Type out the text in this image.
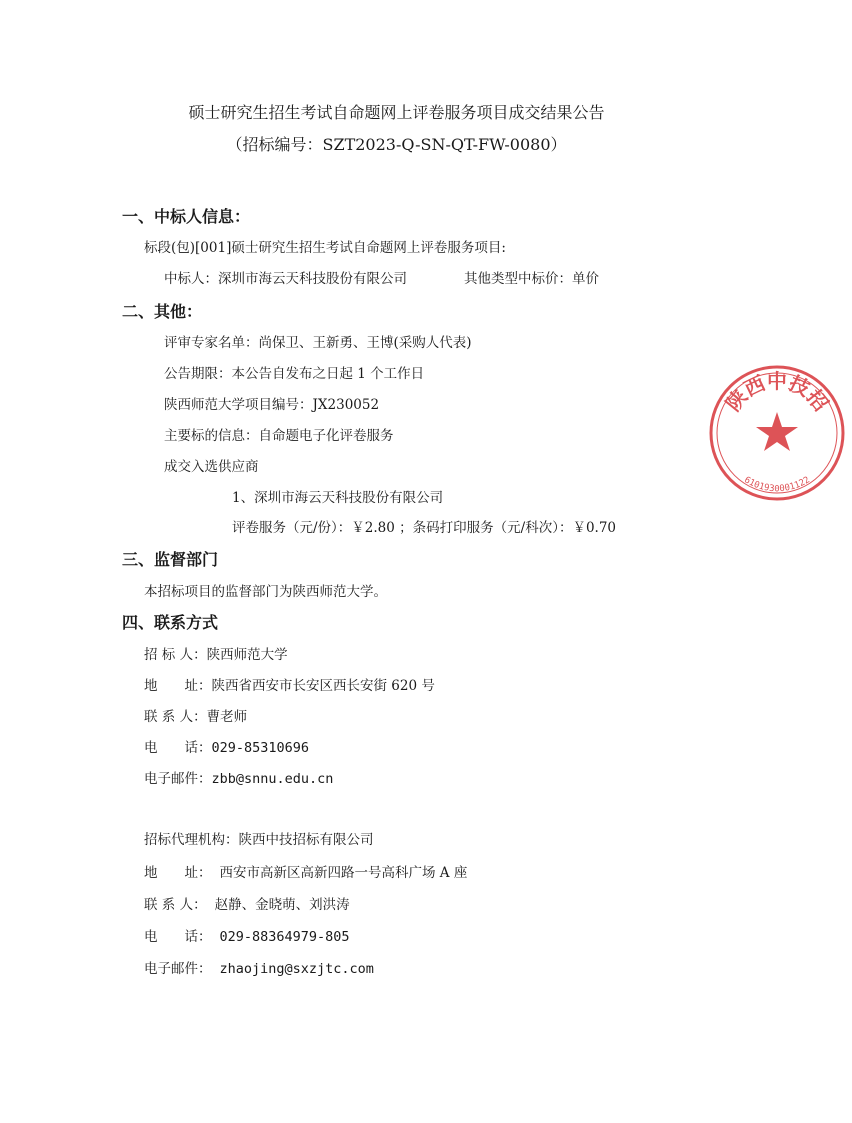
硕士研究生招生考试自命题网上评卷服务项目成交结果公告
（招标编号：SZT2023-Q-SN-QT-FW-0080）
一、中标人信息：
标段(包)[001]硕士研究生招生考试自命题网上评卷服务项目:
中标人：深圳市海云天科技股份有限公司	其他类型中标价：单价
二、其他：
评审专家名单：尚保卫、王新勇、王博(采购人代表)
公告期限：本公告自发布之日起 1 个工作日
陕西师范大学项目编号：JX230052
主要标的信息：自命题电子化评卷服务
成交入选供应商
1、深圳市海云天科技股份有限公司
评卷服务（元/份）：￥2.80 ；条码打印服务（元/科次）：￥0.70
三、监督部门
本招标项目的监督部门为陕西师范大学。
四、联系方式
招 标 人：陕西师范大学
地　　址：陕西省西安市长安区西长安街 620 号
联 系 人：曹老师
电　　话：029-85310696
电子邮件：zbb@snnu.edu.cn
招标代理机构：陕西中技招标有限公司
地　　址： 西安市高新区高新四路一号高科广场 A 座
联 系 人： 赵静、金晓萌、刘洪涛
电　　话： 029-88364979-805
电子邮件： zhaojing@sxzjtc.com
陕西中技招
6101930001122
